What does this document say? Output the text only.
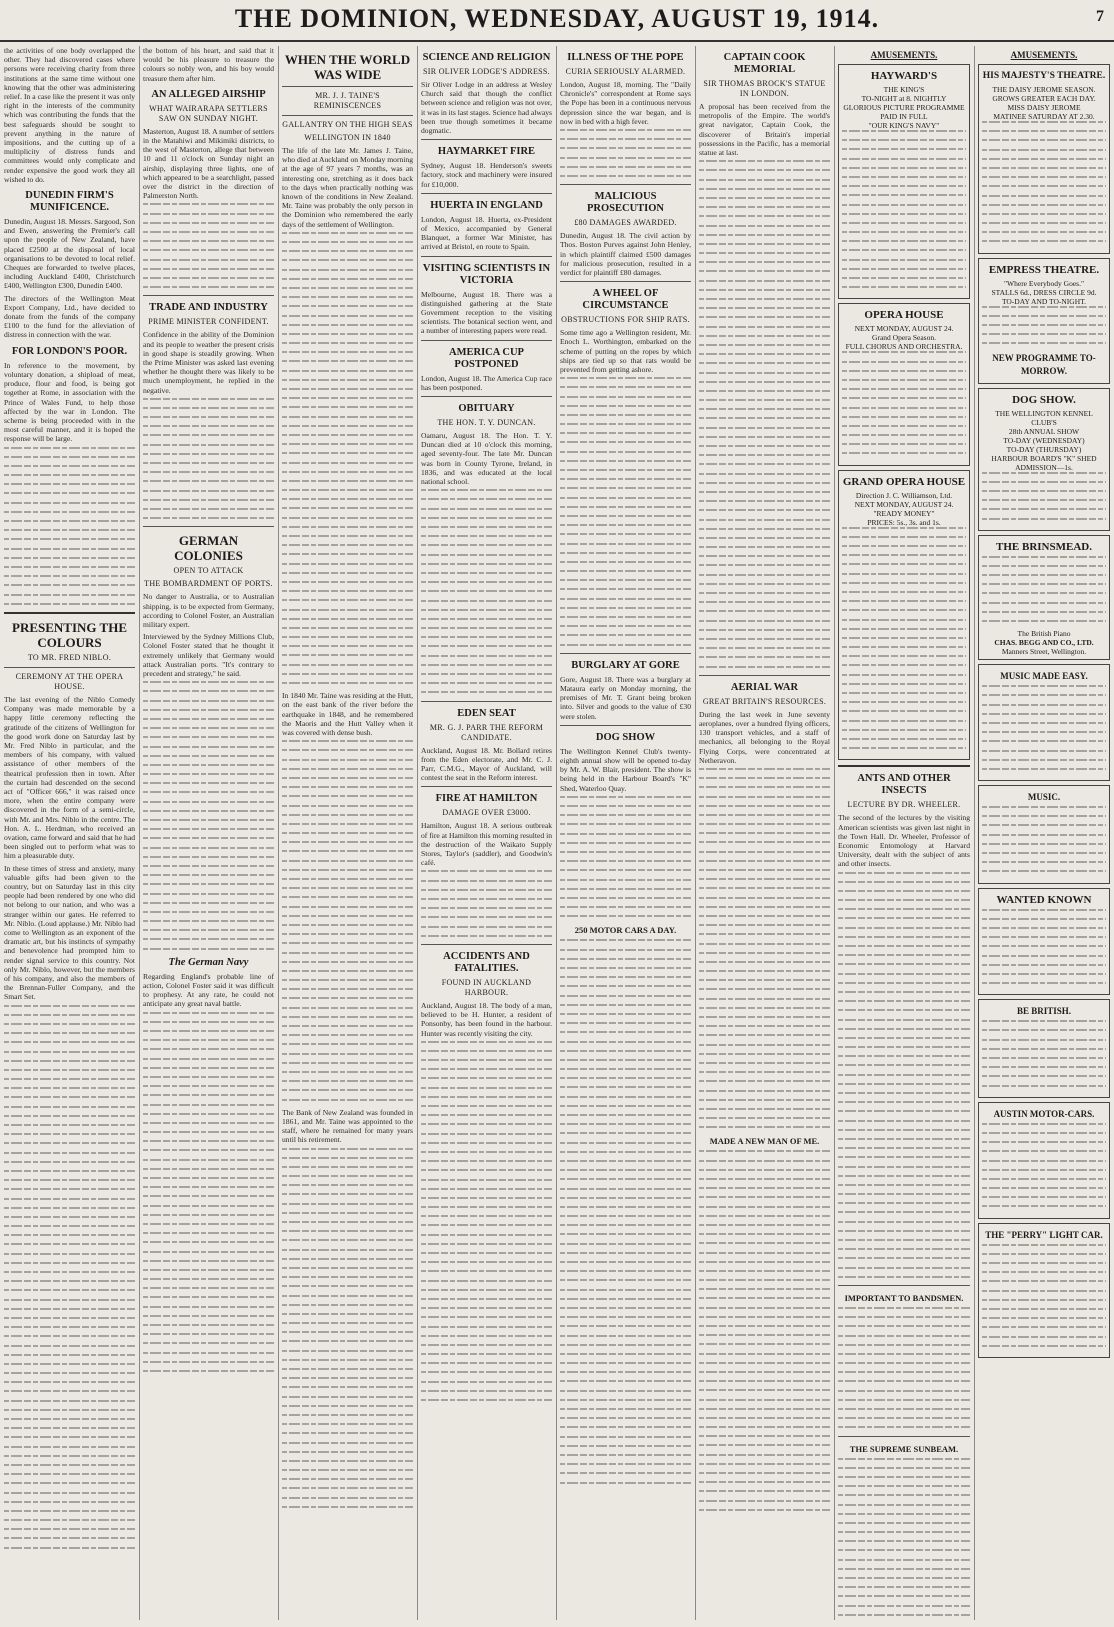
THE DOMINION, WEDNESDAY, AUGUST 19, 1914.	7

the activities of one body overlapped the other. They had discovered cases where persons were receiving charity from three institutions at the same time without one knowing that the other was administering relief. In a case like the present it was only right in the interests of the community which was contributing the funds that the best safeguards should be sought to prevent anything in the nature of impositions, and the cutting up of a multiplicity of distress funds and committees would only complicate and render expensive the good work they all wished to do.

DUNEDIN FIRM'S MUNIFICENCE.

Dunedin, August 18. Messrs. Sargood, Son and Ewen, answering the Premier's call upon the people of New Zealand, have placed £2500 at the disposal of local organisations to be devoted to local relief. Cheques are forwarded to twelve places, including Auckland £400, Christchurch £400, Wellington £300, Dunedin £400.

The directors of the Wellington Meat Export Company, Ltd., have decided to donate from the funds of the company £100 to the fund for the alleviation of distress in connection with the war.

FOR LONDON'S POOR.

In reference to the movement, by voluntary donation, a shipload of meat, produce, flour and food, is being got together at Rome, in association with the Prince of Wales Fund, to help those affected by the war in London. The scheme is being proceeded with in the most careful manner, and it is hoped the response will be large.

PRESENTING THE COLOURS
TO MR. FRED NIBLO.
CEREMONY AT THE OPERA HOUSE.

The last evening of the Niblo Comedy Company was made memorable by a happy little ceremony reflecting the gratitude of the citizens of Wellington for the good work done on Saturday last by Mr. Fred Niblo in particular, and the members of his company, with valued assistance of other members of the theatrical profession then in town. After the curtain had descended on the second act of "Officer 666," it was raised once more, when the entire company were discovered in the form of a semi-circle, with Mr. and Mrs. Niblo in the centre. The Hon. A. L. Herdman, who received an ovation, came forward and said that he had been singled out to perform what was to him a pleasurable duty.

In these times of stress and anxiety, many valuable gifts had been given to the country, but on Saturday last in this city people had been rendered by one who did not belong to our nation, and who was a stranger within our gates. He referred to Mr. Niblo. (Loud applause.) Mr. Niblo had come to Wellington as an exponent of the dramatic art, but his instincts of sympathy and benevolence had prompted him to render signal service to this country. Not only Mr. Niblo, however, but the members of his company, and also the members of the Brennan-Fuller Company, and the Smart Set.

the bottom of his heart, and said that it would be his pleasure to treasure the colours so nobly won, and his boy would treasure them after him.

AN ALLEGED AIRSHIP
WHAT WAIRARAPA SETTLERS SAW ON SUNDAY NIGHT.

Masterton, August 18. A number of settlers in the Matahiwi and Mikimiki districts, to the west of Masterton, allege that between 10 and 11 o'clock on Sunday night an airship, displaying three lights, one of which appeared to be a searchlight, passed over the district in the direction of Palmerston North.

TRADE AND INDUSTRY
PRIME MINISTER CONFIDENT.

Confidence in the ability of the Dominion and its people to weather the present crisis in good shape is steadily growing. When the Prime Minister was asked last evening whether he thought there was likely to be much unemployment, he replied in the negative.

GERMAN COLONIES
OPEN TO ATTACK
THE BOMBARDMENT OF PORTS.

No danger to Australia, or to Australian shipping, is to be expected from Germany, according to Colonel Foster, an Australian military expert.

Interviewed by the Sydney Millions Club, Colonel Foster stated that he thought it extremely unlikely that Germany would attack Australian ports. "It's contrary to precedent and strategy," he said.

The German Navy

Regarding England's probable line of action, Colonel Foster said it was difficult to prophesy. At any rate, he could not anticipate any great naval battle.

WHEN THE WORLD WAS WIDE
MR. J. J. TAINE'S REMINISCENCES
GALLANTRY ON THE HIGH SEAS
WELLINGTON IN 1840

The life of the late Mr. James J. Taine, who died at Auckland on Monday morning at the age of 97 years 7 months, was an interesting one, stretching as it does back to the days when practically nothing was known of the conditions in New Zealand. Mr. Taine was probably the only person in the Dominion who remembered the early days of the settlement of Wellington.

In 1840 Mr. Taine was residing at the Hutt, on the east bank of the river before the earthquake in 1848, and he remembered the Maoris and the Hutt Valley when it was covered with dense bush.

The Bank of New Zealand was founded in 1861, and Mr. Taine was appointed to the staff, where he remained for many years until his retirement.

SCIENCE AND RELIGION
SIR OLIVER LODGE'S ADDRESS.

Sir Oliver Lodge in an address at Wesley Church said that though the conflict between science and religion was not over, it was in its last stages. Science had always been true though sometimes it became dogmatic.

HAYMARKET FIRE

Sydney, August 18. Henderson's sweets factory, stock and machinery were insured for £10,000.

HUERTA IN ENGLAND

London, August 18. Huerta, ex-President of Mexico, accompanied by General Blanquet, a former War Minister, has arrived at Bristol, en route to Spain.

VISITING SCIENTISTS IN VICTORIA

Melbourne, August 18. There was a distinguished gathering at the State Government reception to the visiting scientists. The botanical section went, and a number of interesting papers were read.

AMERICA CUP POSTPONED

London, August 18. The America Cup race has been postponed.

OBITUARY
THE HON. T. Y. DUNCAN.

Oamaru, August 18. The Hon. T. Y. Duncan died at 10 o'clock this morning, aged seventy-four. The late Mr. Duncan was born in County Tyrone, Ireland, in 1836, and was educated at the local national school.

EDEN SEAT
MR. G. J. PARR THE REFORM CANDIDATE.

Auckland, August 18. Mr. Bollard retires from the Eden electorate, and Mr. C. J. Parr, C.M.G., Mayor of Auckland, will contest the seat in the Reform interest.

FIRE AT HAMILTON
DAMAGE OVER £3000.

Hamilton, August 18. A serious outbreak of fire at Hamilton this morning resulted in the destruction of the Waikato Supply Stores, Taylor's (saddler), and Goodwin's café.

ACCIDENTS AND FATALITIES.
FOUND IN AUCKLAND HARBOUR.

Auckland, August 18. The body of a man, believed to be H. Hunter, a resident of Ponsonby, has been found in the harbour. Hunter was recently visiting the city.

ILLNESS OF THE POPE
CURIA SERIOUSLY ALARMED.

London, August 18, morning. The "Daily Chronicle's" correspondent at Rome says the Pope has been in a continuous nervous depression since the war began, and is now in bed with a high fever.

MALICIOUS PROSECUTION
£80 DAMAGES AWARDED.

Dunedin, August 18. The civil action by Thos. Boston Purves against John Henley, in which plaintiff claimed £500 damages for malicious prosecution, resulted in a verdict for plaintiff £80 damages.

A WHEEL OF CIRCUMSTANCE
OBSTRUCTIONS FOR SHIP RATS.

Some time ago a Wellington resident, Mr. Enoch L. Worthington, embarked on the scheme of putting on the ropes by which ships are tied up so that rats would be prevented from getting ashore.

BURGLARY AT GORE

Gore, August 18. There was a burglary at Mataura early on Monday morning, the premises of Mr. T. Grant being broken into. Silver and goods to the value of £30 were stolen.

DOG SHOW

The Wellington Kennel Club's twenty-eighth annual show will be opened to-day by Mr. A. W. Blair, president. The show is being held in the Harbour Board's "K" Shed, Waterloo Quay.

250 MOTOR CARS A DAY.
CAPTAIN COOK MEMORIAL
SIR THOMAS BROCK'S STATUE IN LONDON.

A proposal has been received from the metropolis of the Empire. The world's great navigator, Captain Cook, the discoverer of Britain's imperial possessions in the Pacific, has a memorial statue at last.

AERIAL WAR
GREAT BRITAIN'S RESOURCES.

During the last week in June seventy aeroplanes, over a hundred flying officers, 130 transport vehicles, and a staff of mechanics, all belonging to the Royal Flying Corps, were concentrated at Netheravon.

MADE A NEW MAN OF ME.
AMUSEMENTS.
HAYWARD'S
THE KING'S
TO-NIGHT at 8. NIGHTLY
GLORIOUS PICTURE PROGRAMME
PAID IN FULL
"OUR KING'S NAVY"
OPERA HOUSE
NEXT MONDAY, AUGUST 24.
Grand Opera Season.
FULL CHORUS AND ORCHESTRA.
GRAND OPERA HOUSE
Direction J. C. Williamson, Ltd.
NEXT MONDAY, AUGUST 24.
"READY MONEY"
PRICES: 5s., 3s. and 1s.
ANTS AND OTHER INSECTS
LECTURE BY DR. WHEELER.

The second of the lectures by the visiting American scientists was given last night in the Town Hall. Dr. Wheeler, Professor of Economic Entomology at Harvard University, dealt with the subject of ants and other insects.

IMPORTANT TO BANDSMEN.
THE SUPREME SUNBEAM.
AMUSEMENTS.
HIS MAJESTY'S THEATRE.
THE DAISY JEROME SEASON.
GROWS GREATER EACH DAY.
MISS DAISY JEROME
MATINEE SATURDAY AT 2.30.
EMPRESS THEATRE.
"Where Everybody Goes."
STALLS 6d., DRESS CIRCLE 9d.
TO-DAY AND TO-NIGHT.
NEW PROGRAMME TO-MORROW.
DOG SHOW.
THE WELLINGTON KENNEL CLUB'S
28th ANNUAL SHOW
TO-DAY (WEDNESDAY)
TO-DAY (THURSDAY)
HARBOUR BOARD'S "K" SHED
ADMISSION—1s.
THE BRINSMEAD.
The British Piano
CHAS. BEGG AND CO., LTD.
Manners Street, Wellington.
MUSIC MADE EASY.
MUSIC.
WANTED KNOWN
BE BRITISH.
AUSTIN MOTOR-CARS.
THE "PERRY" LIGHT CAR.
